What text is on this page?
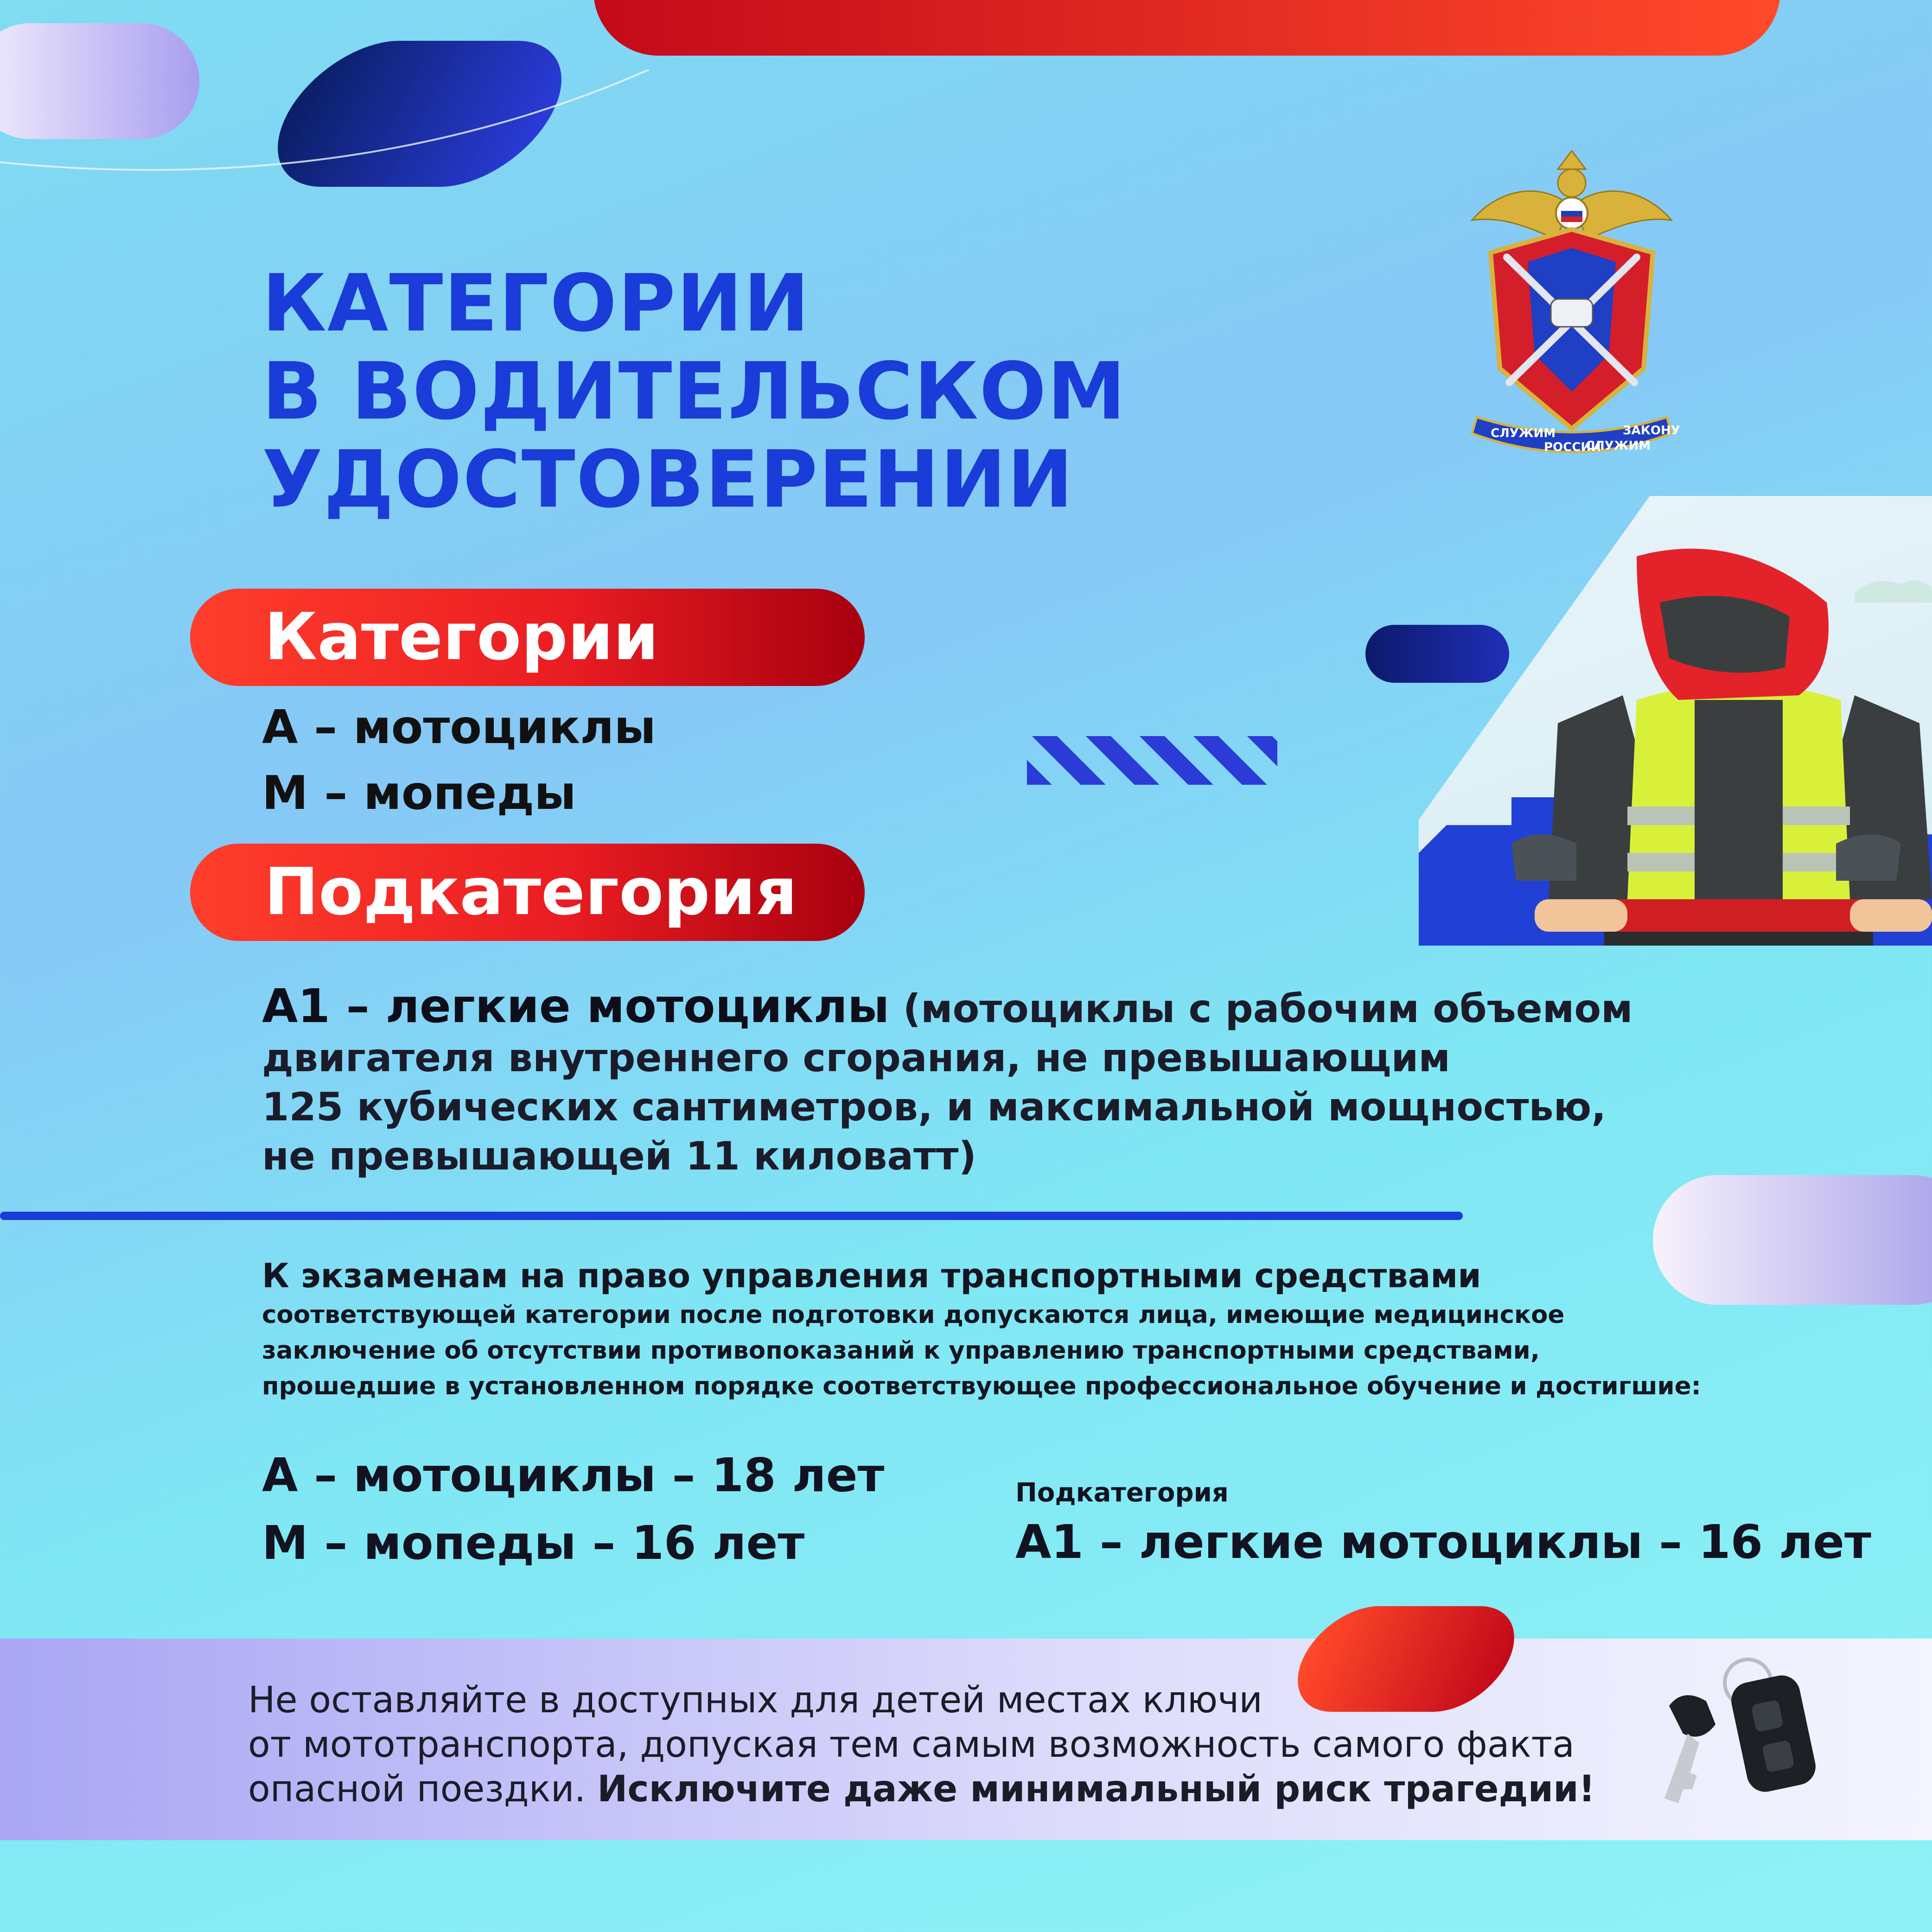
СЛУЖИМ
РОССИИ
СЛУЖИМ
ЗАКОНУ
КАТЕГОРИИ
В ВОДИТЕЛЬСКОМ
УДОСТОВЕРЕНИИ
Категории
А – мотоциклы
М – мопеды
Подкатегория
А1 – легкие мотоциклы (мотоциклы с рабочим объемом
двигателя внутреннего сгорания, не превышающим
125 кубических сантиметров, и максимальной мощностью,
не превышающей 11 киловатт)
К экзаменам на право управления транспортными средствами
соответствующей категории после подготовки допускаются лица, имеющие медицинское
заключение об отсутствии противопоказаний к управлению транспортными средствами,
прошедшие в установленном порядке соответствующее профессиональное обучение и достигшие:
А – мотоциклы – 18 лет
М – мопеды – 16 лет
Подкатегория
А1 – легкие мотоциклы – 16 лет
Не оставляйте в доступных для детей местах ключи
от мототранспорта, допуская тем самым возможность самого факта
опасной поездки. Исключите даже минимальный риск трагедии!
